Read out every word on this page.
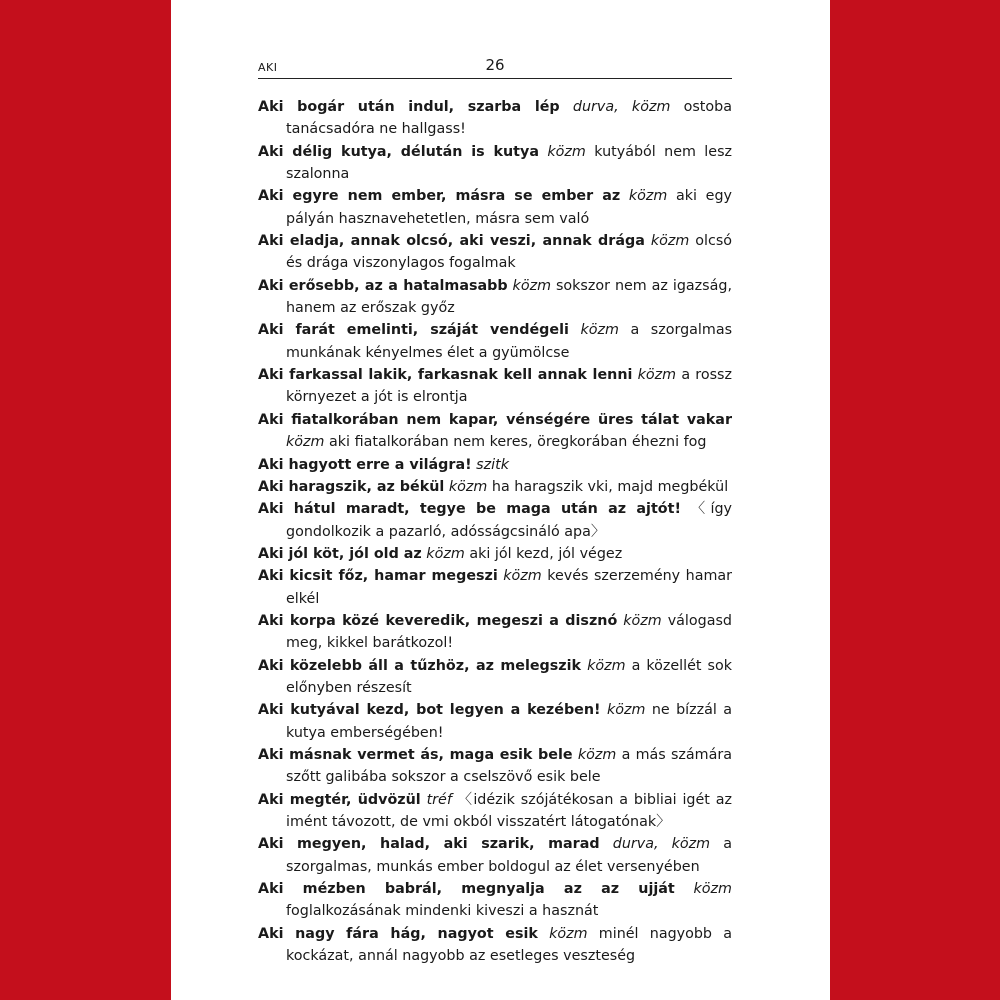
AKI	26
Aki bogár után indul, szarba lép durva, közm ostoba tanácsadóra ne hallgass!
Aki délig kutya, délután is kutya közm kutyából nem lesz szalonna
Aki egyre nem ember, másra se ember az közm aki egy pályán hasznavehetetlen, másra sem való
Aki eladja, annak olcsó, aki veszi, annak drága közm olcsó és drága viszonylagos fogalmak
Aki erősebb, az a hatalmasabb közm sokszor nem az igazság, hanem az erőszak győz
Aki farát emelinti, száját vendégeli közm a szorgalmas munkának kényelmes élet a gyümölcse
Aki farkassal lakik, farkasnak kell annak lenni közm a rossz környezet a jót is elrontja
Aki fiatalkorában nem kapar, vénségére üres tálat vakar közm aki fiatalkorában nem keres, öregkorában éhezni fog
Aki hagyott erre a világra! szitk
Aki haragszik, az békül közm ha haragszik vki, majd megbékül
Aki hátul maradt, tegye be maga után az ajtót! 〈így gondolkozik a pazarló, adósságcsináló apa〉
Aki jól köt, jól old az közm aki jól kezd, jól végez
Aki kicsit főz, hamar megeszi közm kevés szerzemény hamar elkél
Aki korpa közé keveredik, megeszi a disznó közm válogasd meg, kikkel barátkozol!
Aki közelebb áll a tűzhöz, az melegszik közm a közellét sok előnyben részesít
Aki kutyával kezd, bot legyen a kezében! közm ne bízzál a kutya emberségében!
Aki másnak vermet ás, maga esik bele közm a más számára szőtt galibába sokszor a cselszövő esik bele
Aki megtér, üdvözül tréf 〈idézik szójátékosan a bibliai igét az imént távozott, de vmi okból visszatért látogatónak〉
Aki megyen, halad, aki szarik, marad durva, közm a szorgalmas, munkás ember boldogul az élet versenyében
Aki mézben babrál, megnyalja az az ujját közm foglalkozásának mindenki kiveszi a hasznát
Aki nagy fára hág, nagyot esik közm minél nagyobb a kockázat, annál nagyobb az esetleges veszteség
